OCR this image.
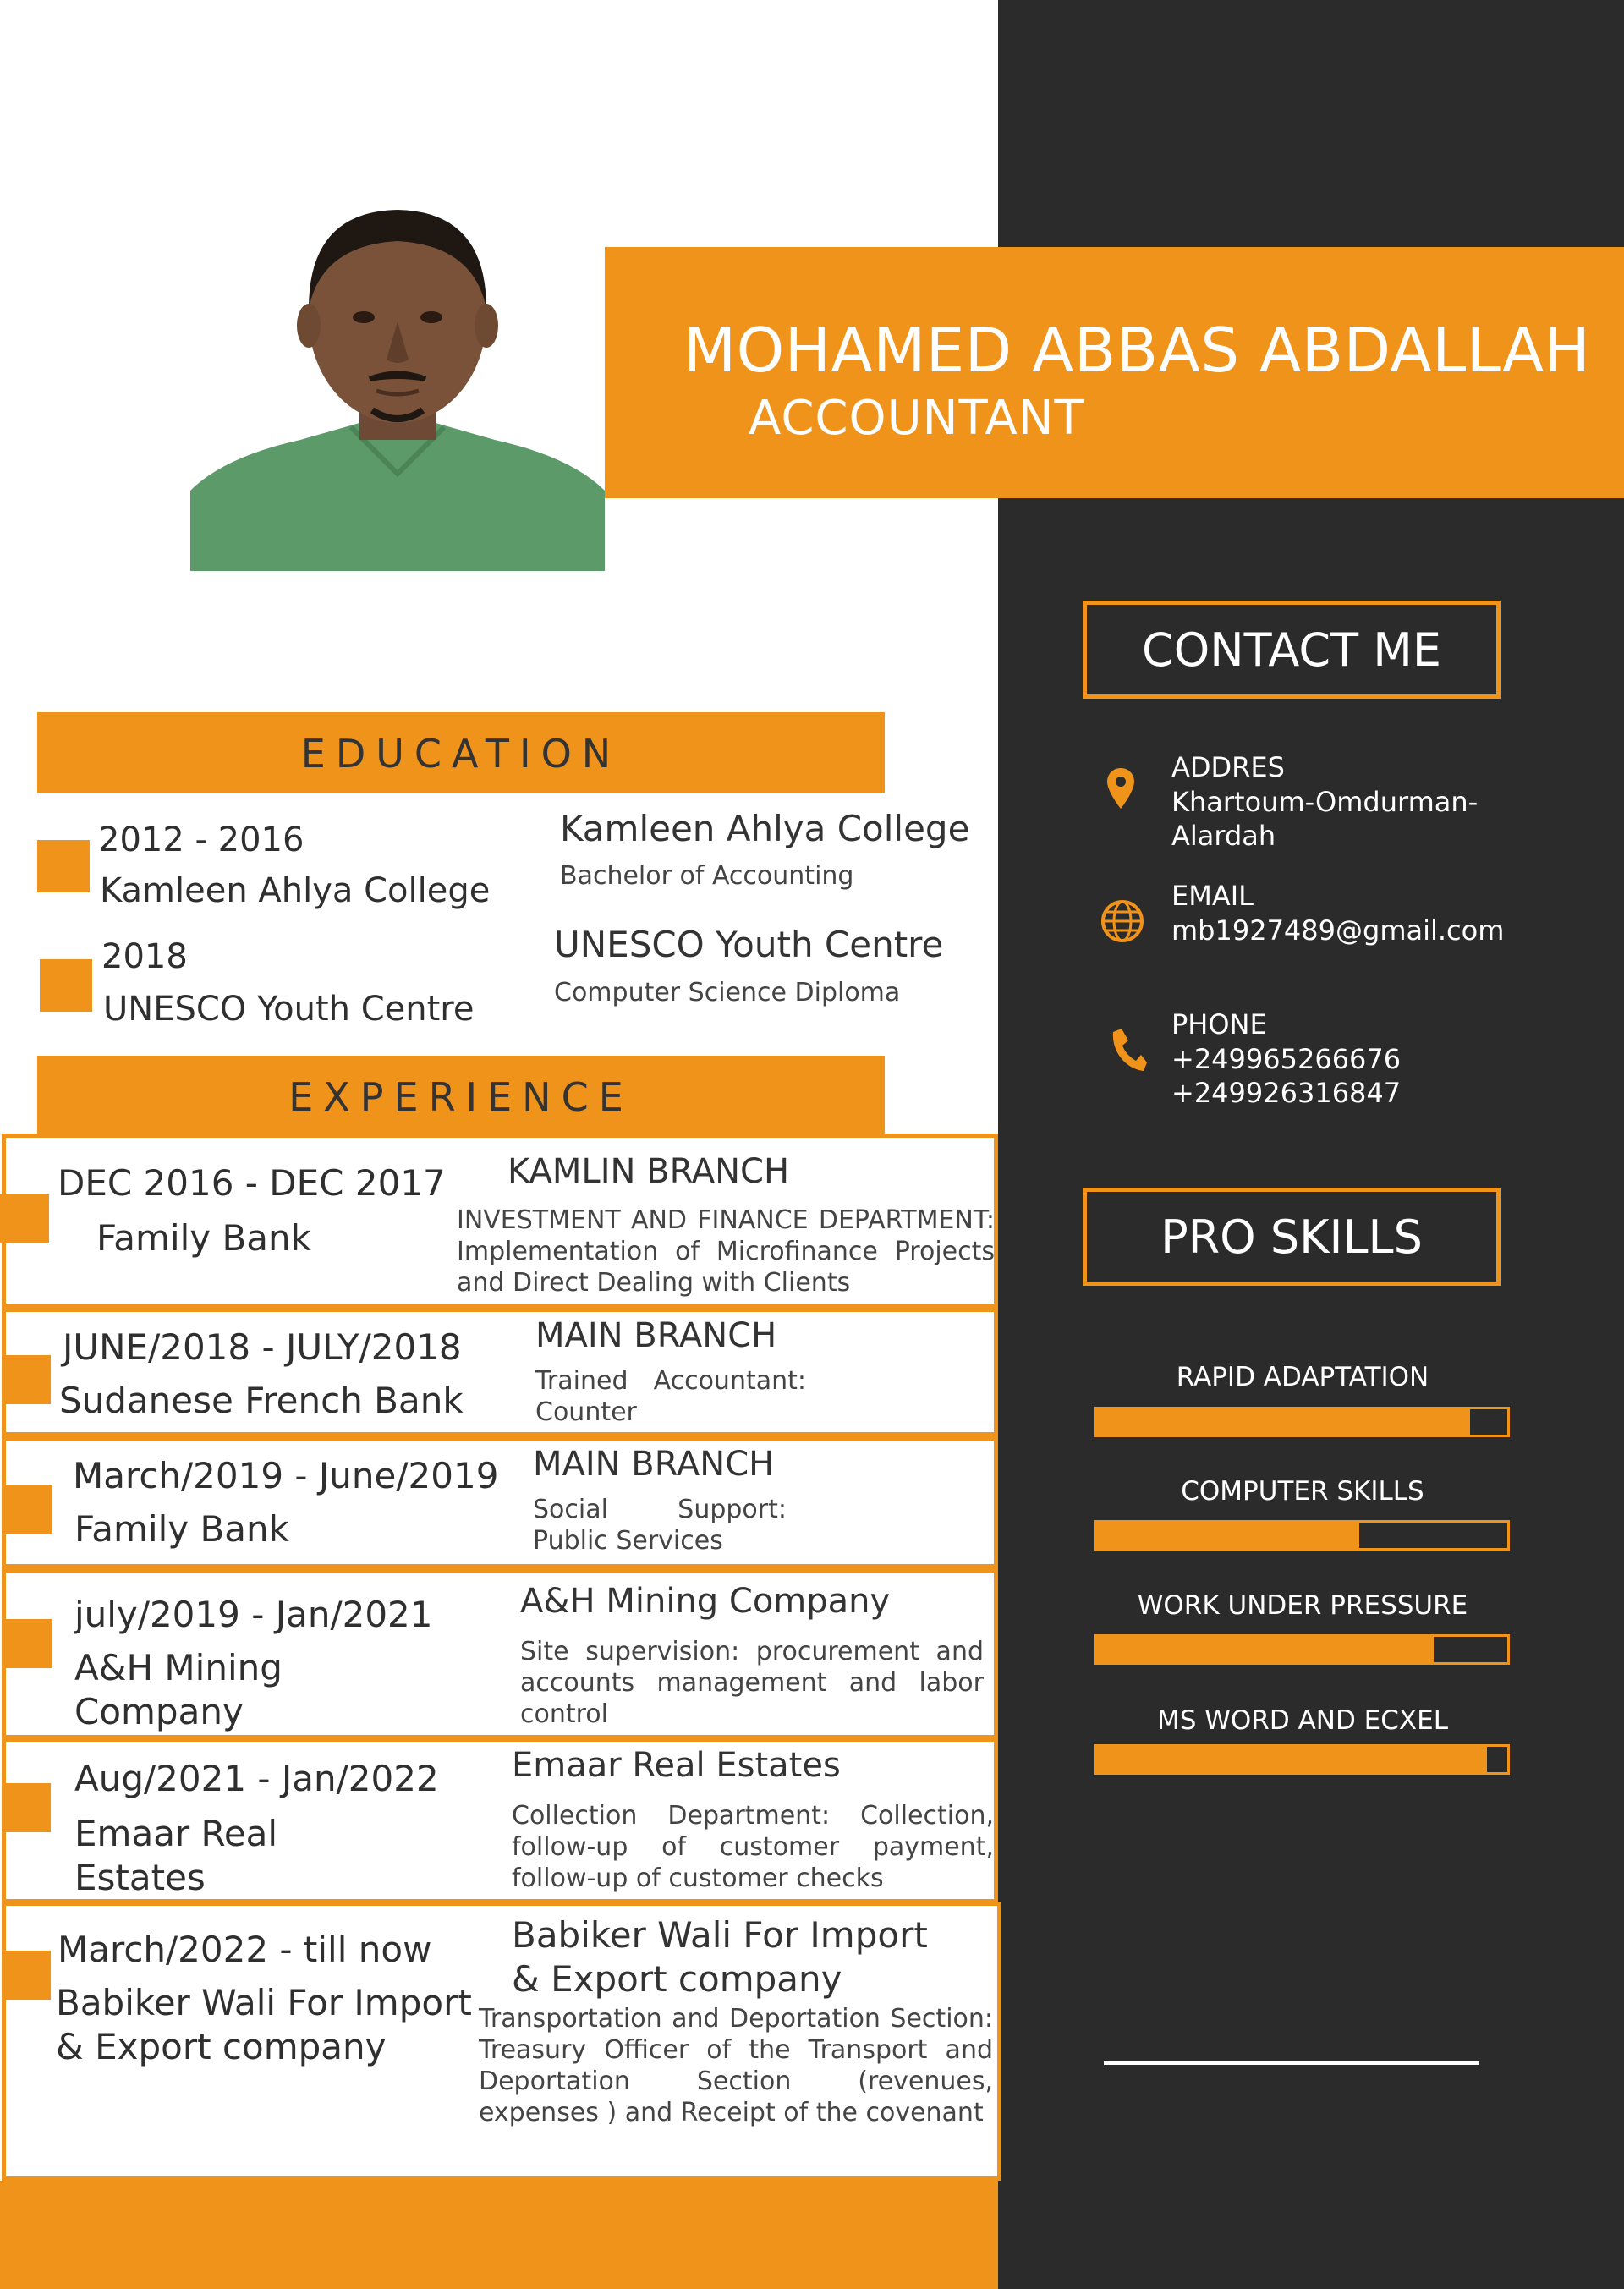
MOHAMED ABBAS ABDALLAH
ACCOUNTANT
EDUCATION
2012 - 2016
Kamleen Ahlya College
Kamleen Ahlya College
Bachelor of Accounting
2018
UNESCO Youth Centre
UNESCO Youth Centre
Computer Science Diploma
EXPERIENCE
DEC 2016 - DEC 2017
Family Bank
KAMLIN BRANCH
INVESTMENT AND FINANCE DEPARTMENT: Implementation of Microfinance Projects and Direct Dealing with Clients
JUNE/2018 - JULY/2018
Sudanese French Bank
MAIN BRANCH
Trained Accountant: Counter
March/2019 - June/2019
Family Bank
MAIN BRANCH
Social Support: Public Services
july/2019 - Jan/2021
A&H Mining Company
A&H Mining Company
Site supervision: procurement and accounts management and labor control
Aug/2021 - Jan/2022
Emaar Real Estates
Emaar Real Estates
Collection Department: Collection, follow-up of customer payment, follow-up of customer checks
March/2022 - till now
Babiker Wali For Import & Export company
Babiker Wali For Import & Export company
Transportation and Deportation Section: Treasury Officer of the Transport and Deportation Section (revenues, expenses ) and Receipt of the covenant
CONTACT ME
ADDRES
Khartoum-Omdurman-
Alardah
EMAIL
mb1927489@gmail.com
PHONE
+249965266676
+249926316847
PRO SKILLS
RAPID ADAPTATION
COMPUTER SKILLS
WORK UNDER PRESSURE
MS WORD AND ECXEL
